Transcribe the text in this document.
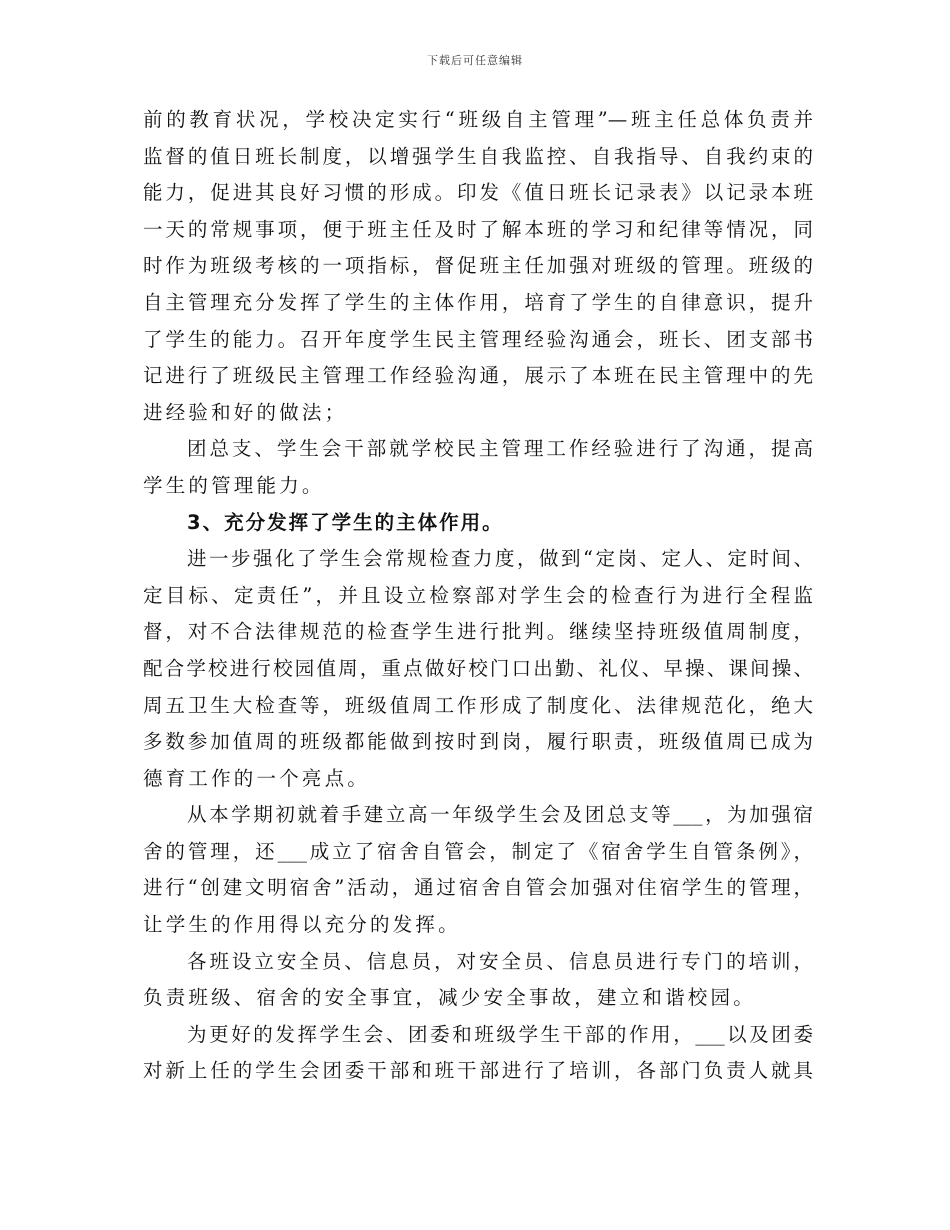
下载后可任意编辑
前的教育状况，学校决定实行“班级自主管理”—班主任总体负责并
监督的值日班长制度，以增强学生自我监控、自我指导、自我约束的
能力，促进其良好习惯的形成。印发《值日班长记录表》以记录本班
一天的常规事项，便于班主任及时了解本班的学习和纪律等情况，同
时作为班级考核的一项指标，督促班主任加强对班级的管理。班级的
自主管理充分发挥了学生的主体作用，培育了学生的自律意识，提升
了学生的能力。召开年度学生民主管理经验沟通会，班长、团支部书
记进行了班级民主管理工作经验沟通，展示了本班在民主管理中的先
进经验和好的做法；
团总支、学生会干部就学校民主管理工作经验进行了沟通，提高
学生的管理能力。
3、充分发挥了学生的主体作用。
进一步强化了学生会常规检查力度，做到“定岗、定人、定时间、
定目标、定责任”，并且设立检察部对学生会的检查行为进行全程监
督，对不合法律规范的检查学生进行批判。继续坚持班级值周制度，
配合学校进行校园值周，重点做好校门口出勤、礼仪、早操、课间操、
周五卫生大检查等，班级值周工作形成了制度化、法律规范化，绝大
多数参加值周的班级都能做到按时到岗，履行职责，班级值周已成为
德育工作的一个亮点。
从本学期初就着手建立高一年级学生会及团总支等___，为加强宿
舍的管理，还___成立了宿舍自管会，制定了《宿舍学生自管条例》，
进行“创建文明宿舍”活动，通过宿舍自管会加强对住宿学生的管理，
让学生的作用得以充分的发挥。
各班设立安全员、信息员，对安全员、信息员进行专门的培训，
负责班级、宿舍的安全事宜，减少安全事故，建立和谐校园。
为更好的发挥学生会、团委和班级学生干部的作用，___以及团委
对新上任的学生会团委干部和班干部进行了培训，各部门负责人就具
